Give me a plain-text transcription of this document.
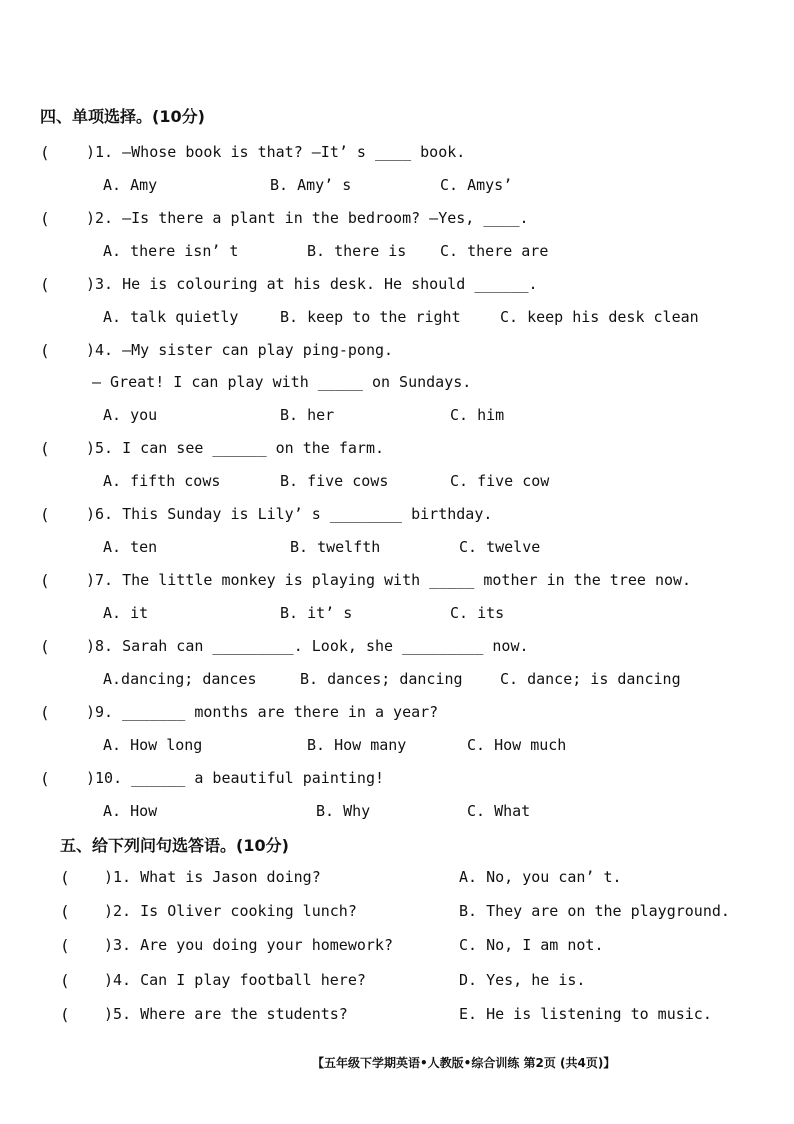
四、单项选择。(10分)
( )1. —Whose book is that? —It’ s ____ book.
A. Amy	B. Amy’ s	C. Amys’
( )2. —Is there a plant in the bedroom? —Yes, ____.
A. there isn’ t	B. there is C. there are
( )3. He is colouring at his desk. He should ______.
A. talk quietly	B. keep to the right	C. keep his desk clean
( )4. —My sister can play ping-pong.
— Great! I can play with _____ on Sundays.
A. you	B. her	C. him
( )5. I can see ______ on the farm.
A. fifth cows	B. five cows	C. five cow
( )6. This Sunday is Lily’ s ________ birthday.
A. ten	B. twelfth	C. twelve
( )7. The little monkey is playing with _____ mother in the tree now.
A. it	B. it’ s	C. its
( )8. Sarah can _________. Look, she _________ now.
A.dancing; dances	B. dances; dancing C. dance; is dancing
( )9. _______ months are there in a year?
A. How long	B. How many	C. How much
( )10. ______ a beautiful painting!
A. How	B. Why	C. What
五、给下列问句选答语。(10分)
( )1. What is Jason doing?	A. No, you can’ t.
( )2. Is Oliver cooking lunch?	B. They are on the playground.
( )3. Are you doing your homework?	C. No, I am not.
( )4. Can I play football here?	D. Yes, he is.
( )5. Where are the students?	E. He is listening to music.
【五年级下学期英语•人教版•综合训练 第2页 (共4页)】
